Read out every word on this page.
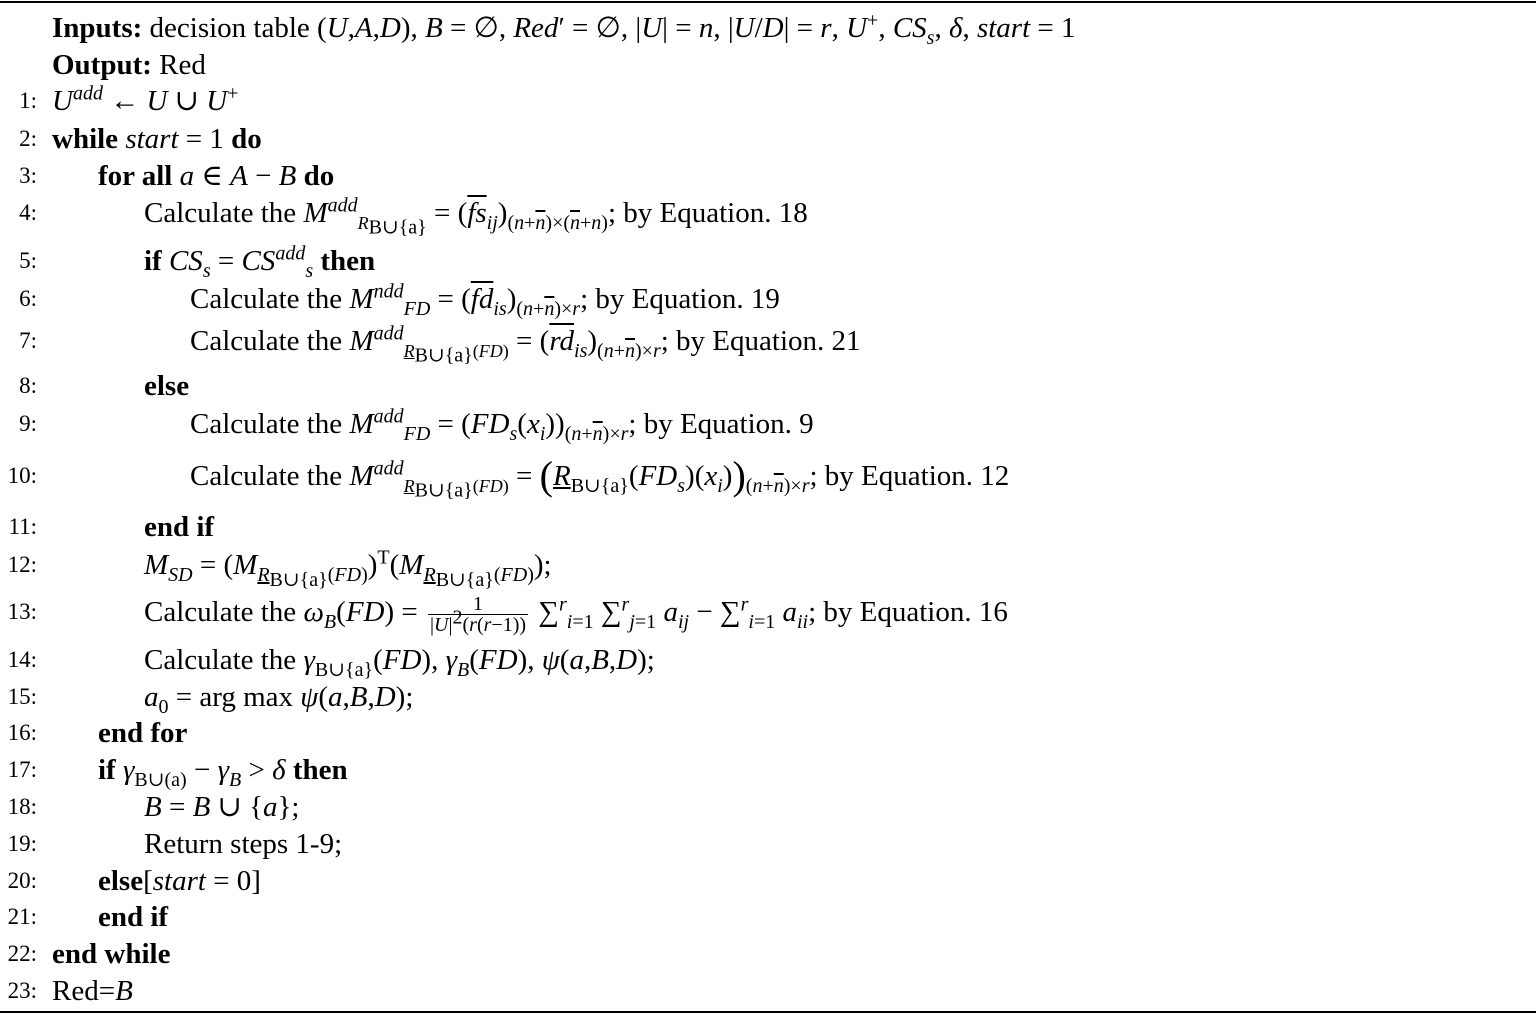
Inputs: decision table (U,A,D), B = ∅, Red′ = ∅, |U| = n, |U/D| = r, U+, $CS_s$, δ, start = 1
Output: Red
1: $U^{add}$ ← U ∪ U+
2: while start = 1 do
3: for all a ∈ A − B do
4:	Calculate the $M^{add}_{R_{B\cup\{a\}}} = (\overline{fs}_{ij})_{(n+\overline{n})\times(\overline{n}+n)}$; by Equation. 18
5:	if $CS_s = CS^{add}_s$ then
6:	Calculate the $M^{ndd}_{FD} = (\overline{fd}_{is})_{(n+\overline{n})\times r}$; by Equation. 19
7:	Calculate the $M^{add}_{R_{B\cup\{a\}}(FD)} = (\overline{rd}_{is})_{(n+\overline{n})\times r}$; by Equation. 21
8:	else
9:	Calculate the $M^{add}_{FD} = (FD_s(x_i))_{(n+\overline{n})\times r}$; by Equation. 9
10:	Calculate the $M^{add}_{R_{B\cup\{a\}}(FD)} = (R_{B\cup\{a\}}(FD_s)(x_i))_{(n+\overline{n})\times r}$; by Equation. 12
11:	end if
12:	$M_{SD} = (M_{R_{B\cup\{a\}}(FD)})^T(M_{R_{B\cup\{a\}}(FD)})$;
13:	Calculate the $\omega_B(FD) = \frac{1}{|U|^2(r(r-1))} \sum^r_{i=1}$ ∑$^r_{j=1}$ $a_{ij} - \sum^r_{i=1}$ $a_{ii}$; by Equation. 16
14:	Calculate the $\gamma_{B\cup\{a\}}(FD)$, $\gamma_B(FD)$, ψ(a,B,D);
15:	$a_0$ = arg max ψ(a,B,D);
16: end for
17: if $\gamma_{B\cup(a)} - \gamma_B > \delta$ then
18:	B = B ∪ {a};
19:	Return steps 1-9;
20: else[start = 0]
21: end if
22: end while
23: Red=B
